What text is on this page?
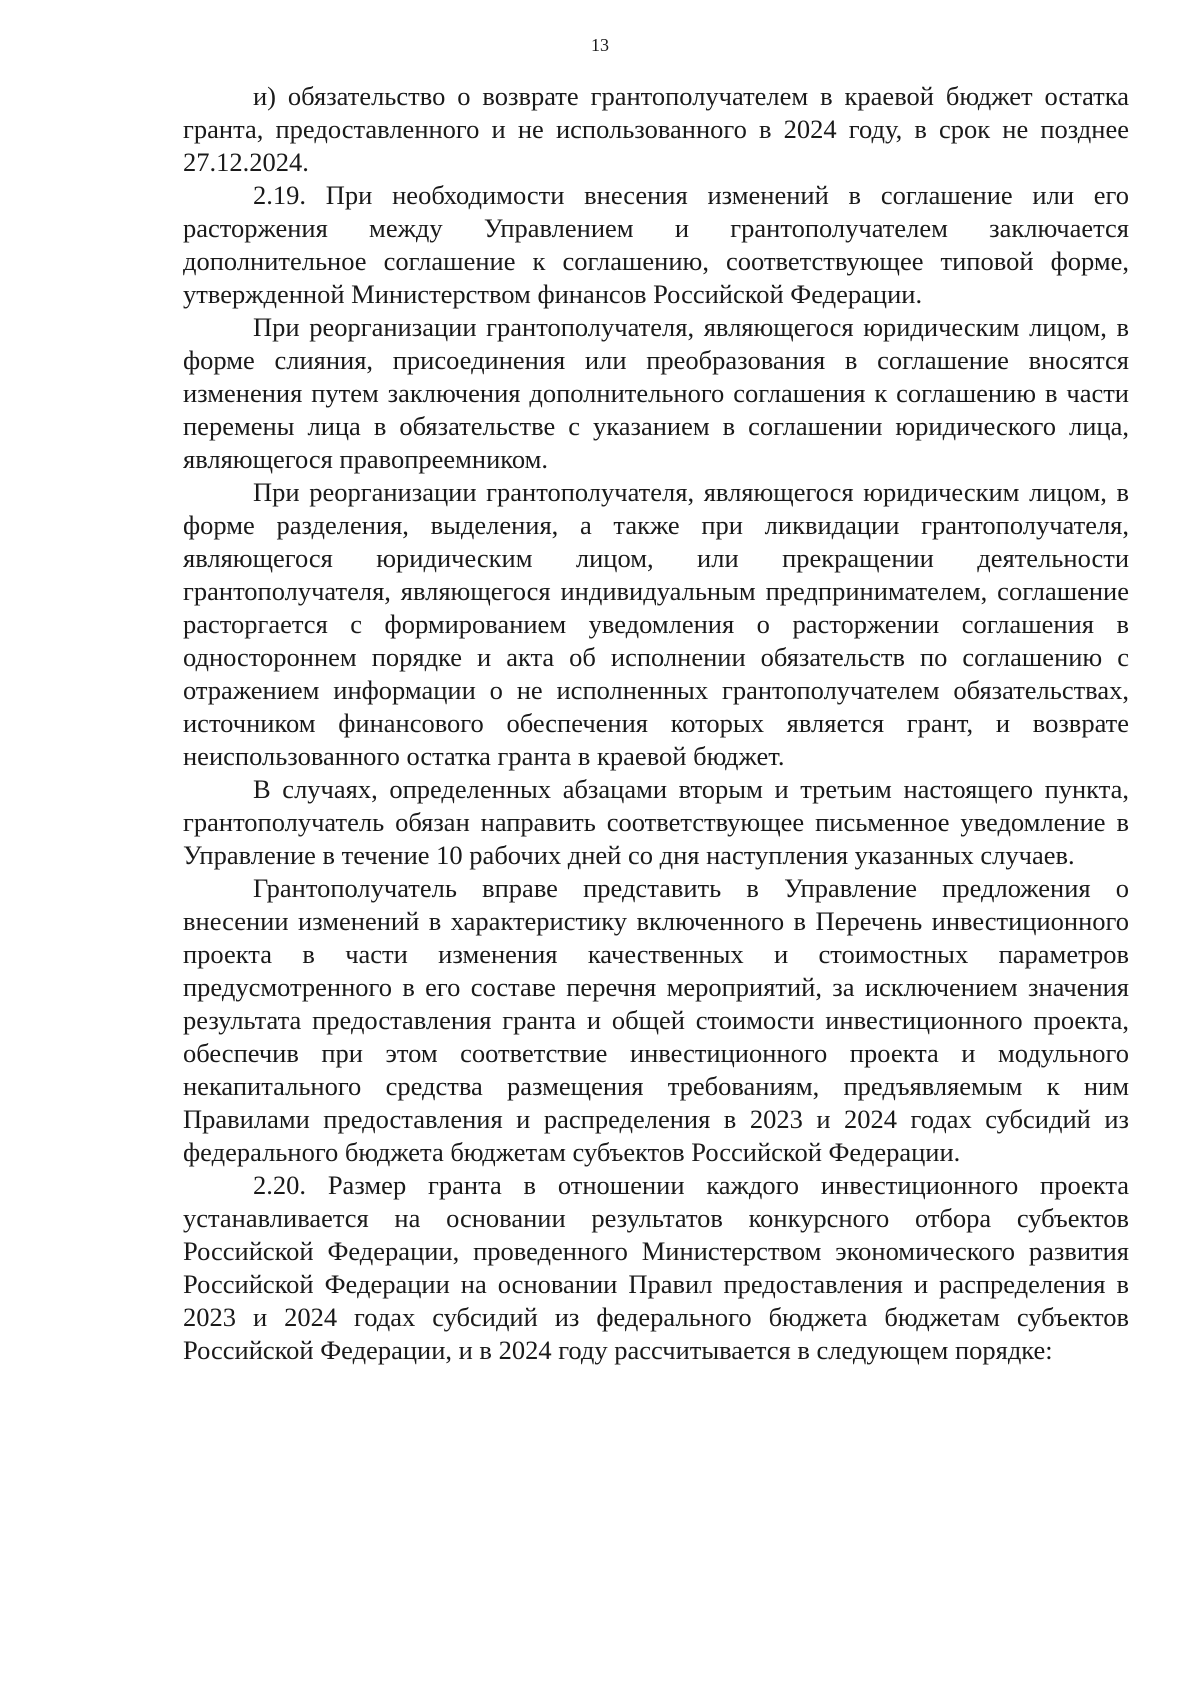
13

и) обязательство о возврате грантополучателем в краевой бюджет остатка гранта, предоставленного и не использованного в 2024 году, в срок не позднее 27.12.2024.

2.19. При необходимости внесения изменений в соглашение или его расторжения между Управлением и грантополучателем заключается дополнительное соглашение к соглашению, соответствующее типовой форме, утвержденной Министерством финансов Российской Федерации.

При реорганизации грантополучателя, являющегося юридическим лицом, в форме слияния, присоединения или преобразования в соглашение вносятся изменения путем заключения дополнительного соглашения к соглашению в части перемены лица в обязательстве с указанием в соглашении юридического лица, являющегося правопреемником.

При реорганизации грантополучателя, являющегося юридическим лицом, в форме разделения, выделения, а также при ликвидации грантополучателя, являющегося юридическим лицом, или прекращении деятельности грантополучателя, являющегося индивидуальным предпринимателем, соглашение расторгается с формированием уведомления о расторжении соглашения в одностороннем порядке и акта об исполнении обязательств по соглашению с отражением информации о не исполненных грантополучателем обязательствах, источником финансового обеспечения которых является грант, и возврате неиспользованного остатка гранта в краевой бюджет.

В случаях, определенных абзацами вторым и третьим настоящего пункта, грантополучатель обязан направить соответствующее письменное уведомление в Управление в течение 10 рабочих дней со дня наступления указанных случаев.

Грантополучатель вправе представить в Управление предложения о внесении изменений в характеристику включенного в Перечень инвестиционного проекта в части изменения качественных и стоимостных параметров предусмотренного в его составе перечня мероприятий, за исключением значения результата предоставления гранта и общей стоимости инвестиционного проекта, обеспечив при этом соответствие инвестиционного проекта и модульного некапитального средства размещения требованиям, предъявляемым к ним Правилами предоставления и распределения в 2023 и 2024 годах субсидий из федерального бюджета бюджетам субъектов Российской Федерации.

2.20. Размер гранта в отношении каждого инвестиционного проекта устанавливается на основании результатов конкурсного отбора субъектов Российской Федерации, проведенного Министерством экономического развития Российской Федерации на основании Правил предоставления и распределения в 2023 и 2024 годах субсидий из федерального бюджета бюджетам субъектов Российской Федерации, и в 2024 году рассчитывается в следующем порядке:
